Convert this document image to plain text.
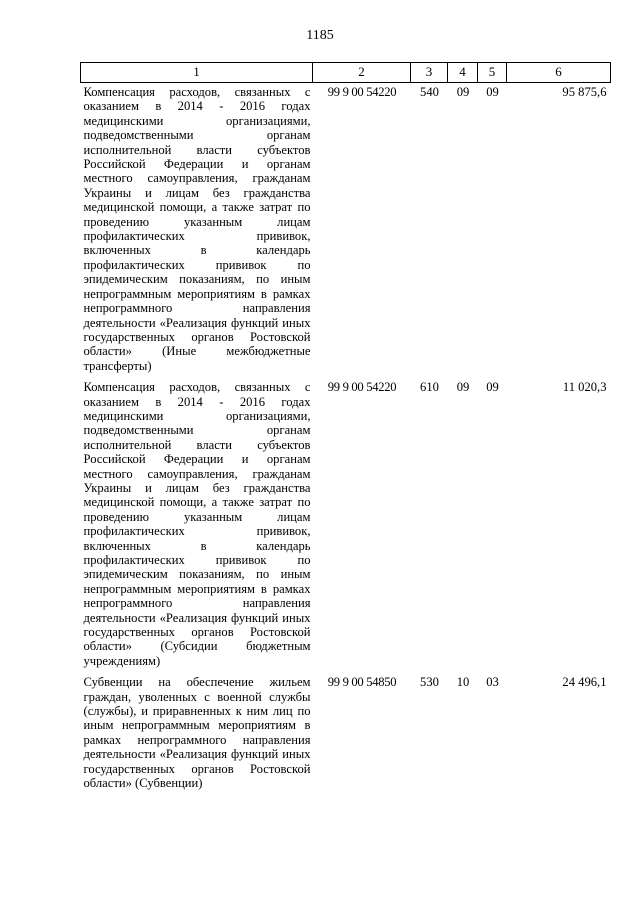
1185
1	2	3	4	5	6
Компенсация расходов, связанных с оказанием в 2014 - 2016 годах медицинскими организациями, подведомственными органам исполнительной власти субъектов Российской Федерации и органам местного самоуправления, гражданам Украины и лицам без гражданства медицинской помощи, а также затрат по проведению указанным лицам профилактических прививок, включенных в календарь профилактических прививок по эпидемическим показаниям, по иным непрограммным мероприятиям в рамках непрограммного направления деятельности «Реализация функций иных государственных органов Ростовской области» (Иные межбюджетные трансферты)	99 9 00 54220	540	09	09	95 875,6
Компенсация расходов, связанных с оказанием в 2014 - 2016 годах медицинскими организациями, подведомственными органам исполнительной власти субъектов Российской Федерации и органам местного самоуправления, гражданам Украины и лицам без гражданства медицинской помощи, а также затрат по проведению указанным лицам профилактических прививок, включенных в календарь профилактических прививок по эпидемическим показаниям, по иным непрограммным мероприятиям в рамках непрограммного направления деятельности «Реализация функций иных государственных органов Ростовской области» (Субсидии бюджетным учреждениям)	99 9 00 54220	610	09	09	11 020,3
Субвенции на обеспечение жильем граждан, уволенных с военной службы (службы), и приравненных к ним лиц по иным непрограммным мероприятиям в рамках непрограммного направления деятельности «Реализация функций иных государственных органов Ростовской области» (Субвенции)	99 9 00 54850	530	10	03	24 496,1
